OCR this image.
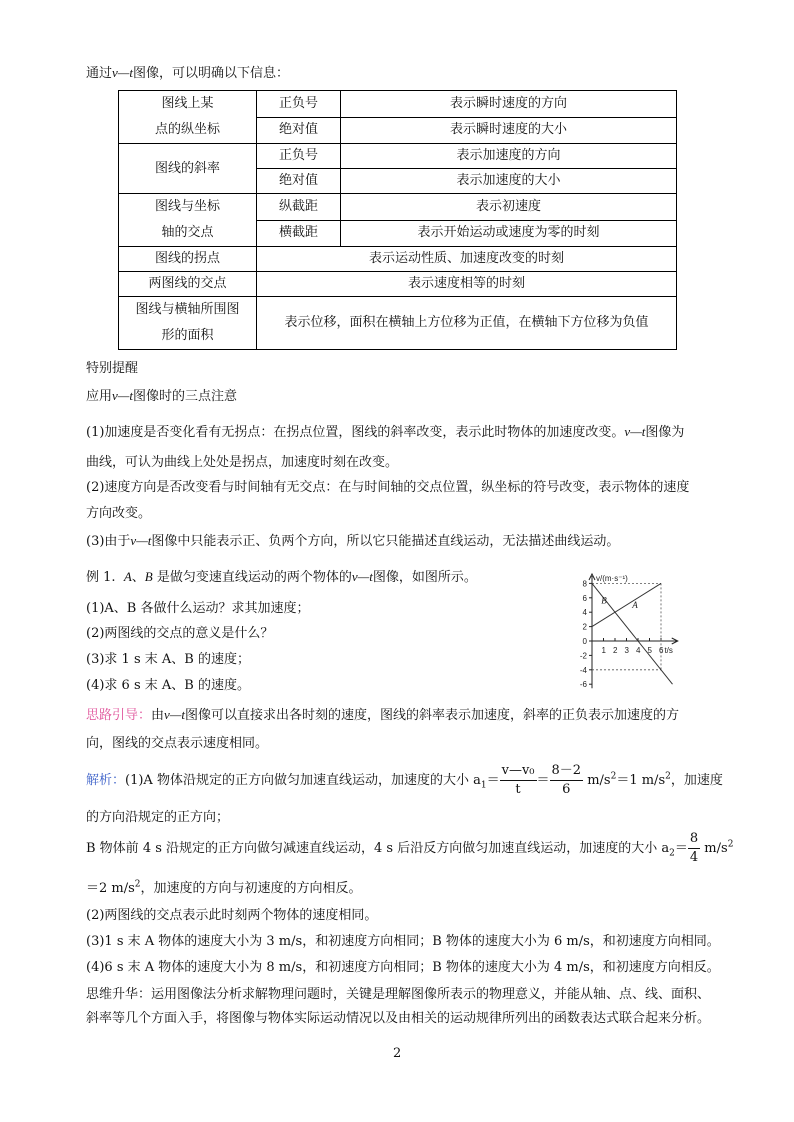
通过v—t图像，可以明确以下信息：
图线上某
点的纵坐标	正负号	表示瞬时速度的方向
	绝对值	表示瞬时速度的大小
图线的斜率	正负号	表示加速度的方向
	绝对值	表示加速度的大小
图线与坐标
轴的交点	纵截距	表示初速度
	横截距	表示开始运动或速度为零的时刻
图线的拐点	表示运动性质、加速度改变的时刻	
两图线的交点	表示速度相等的时刻	
图线与横轴所围图
形的面积	表示位移，面积在横轴上方位移为正值，在横轴下方位移为负值	
特别提醒
应用v—t图像时的三点注意
(1)加速度是否变化看有无拐点：在拐点位置，图线的斜率改变，表示此时物体的加速度改变。v—t图像为
曲线，可认为曲线上处处是拐点，加速度时刻在改变。
(2)速度方向是否改变看与时间轴有无交点：在与时间轴的交点位置，纵坐标的符号改变，表示物体的速度
方向改变。
(3)由于v—t图像中只能表示正、负两个方向，所以它只能描述直线运动，无法描述曲线运动。
例 1. A、B 是做匀变速直线运动的两个物体的v—t图像，如图所示。
(1)A、B 各做什么运动？求其加速度；
(2)两图线的交点的意义是什么？
(3)求 1 s 末 A、B 的速度；
(4)求 6 s 末 A、B 的速度。
v/(m·s⁻¹)
t/s
8
6
4
2
0
-2
-4
-6
1 2 3 4 5 6
B	A
思路引导：由v—t图像可以直接求出各时刻的速度，图线的斜率表示加速度，斜率的正负表示加速度的方
向，图线的交点表示速度相同。
解析：(1)A 物体沿规定的正方向做匀加速直线运动，加速度的大小 $a_1= \frac{\text{v—v₀}}{t} = \frac{8-2}{6} m/s^2=1$ $m/s^2$，加速度
的方向沿规定的正方向；
B 物体前 4 s 沿规定的正方向做匀减速直线运动，4 s 后沿反方向做匀加速直线运动，加速度的大小 $a_2= \frac{8}{4} m/s^2$
＝2 $m/s^2$，加速度的方向与初速度的方向相反。
(2)两图线的交点表示此时刻两个物体的速度相同。
(3)1 s 末 A 物体的速度大小为 3 m/s，和初速度方向相同；B 物体的速度大小为 6 m/s，和初速度方向相同。
(4)6 s 末 A 物体的速度大小为 8 m/s，和初速度方向相同；B 物体的速度大小为 4 m/s，和初速度方向相反。
思维升华：运用图像法分析求解物理问题时，关键是理解图像所表示的物理意义，并能从轴、点、线、面积、
斜率等几个方面入手，将图像与物体实际运动情况以及由相关的运动规律所列出的函数表达式联合起来分析。
2
